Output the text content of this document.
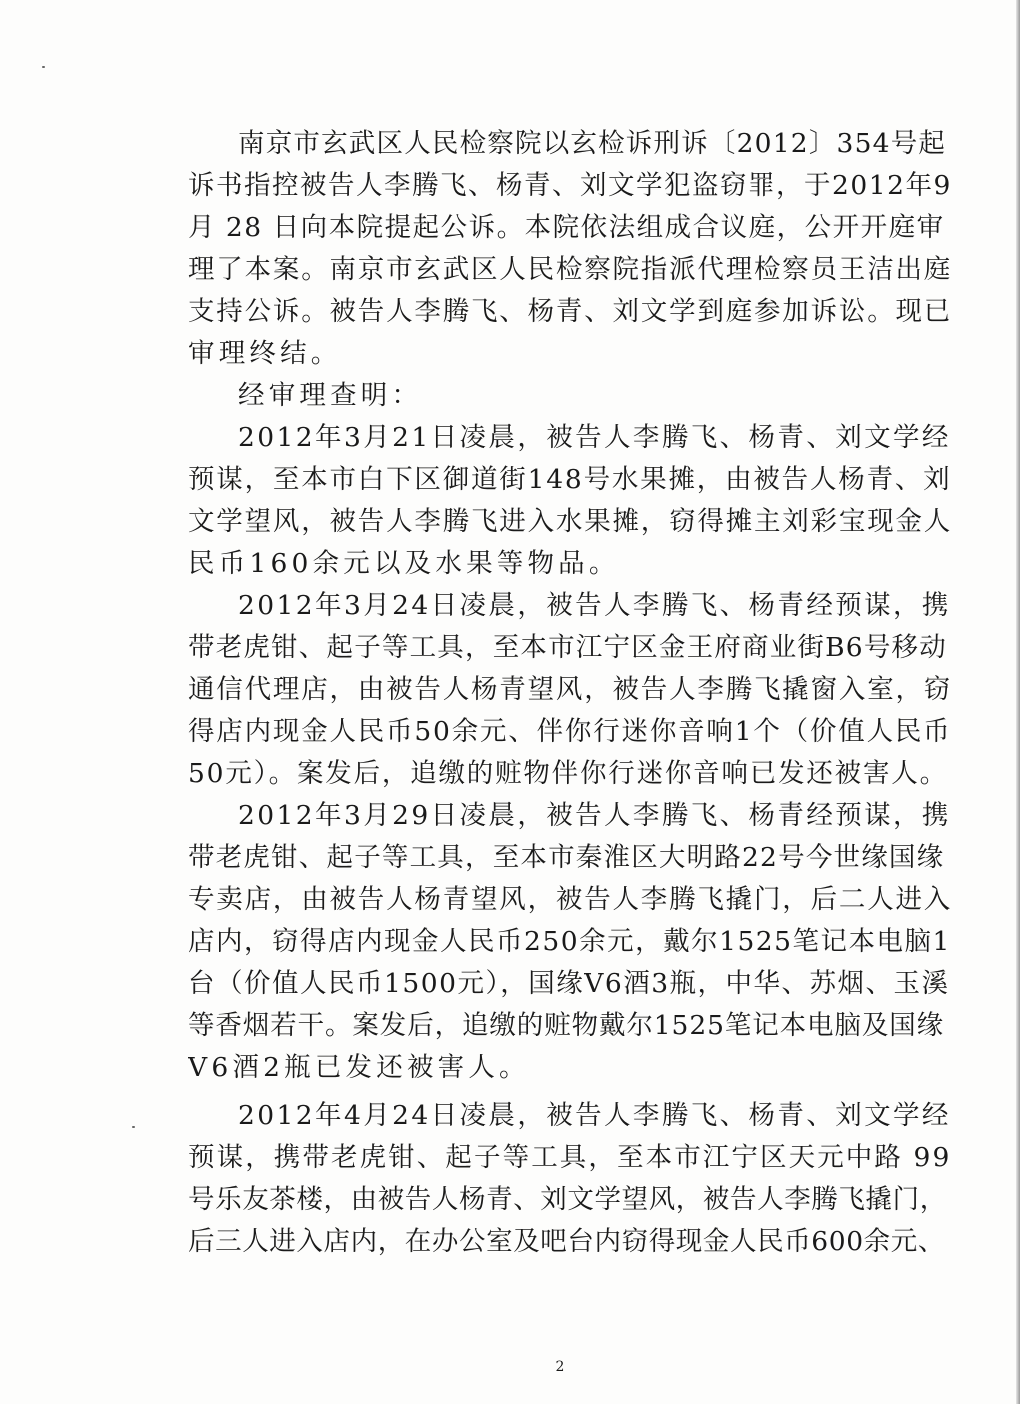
南京市玄武区人民检察院以玄检诉刑诉〔2012〕354号起
诉书指控被告人李腾飞、杨青、刘文学犯盗窃罪，于2012年9
月 28 日向本院提起公诉。本院依法组成合议庭，公开开庭审
理了本案。南京市玄武区人民检察院指派代理检察员王洁出庭
支持公诉。被告人李腾飞、杨青、刘文学到庭参加诉讼。现已
审理终结。
经审理查明：
2012年3月21日凌晨，被告人李腾飞、杨青、刘文学经
预谋，至本市白下区御道街148号水果摊，由被告人杨青、刘
文学望风，被告人李腾飞进入水果摊，窃得摊主刘彩宝现金人
民币160余元以及水果等物品。
2012年3月24日凌晨，被告人李腾飞、杨青经预谋，携
带老虎钳、起子等工具，至本市江宁区金王府商业街B6号移动
通信代理店，由被告人杨青望风，被告人李腾飞撬窗入室，窃
得店内现金人民币50余元、伴你行迷你音响1个（价值人民币
50元）。案发后，追缴的赃物伴你行迷你音响已发还被害人。
2012年3月29日凌晨，被告人李腾飞、杨青经预谋，携
带老虎钳、起子等工具，至本市秦淮区大明路22号今世缘国缘
专卖店，由被告人杨青望风，被告人李腾飞撬门，后二人进入
店内，窃得店内现金人民币250余元，戴尔1525笔记本电脑1
台（价值人民币1500元），国缘V6酒3瓶，中华、苏烟、玉溪
等香烟若干。案发后，追缴的赃物戴尔1525笔记本电脑及国缘
V6酒2瓶已发还被害人。
2012年4月24日凌晨，被告人李腾飞、杨青、刘文学经
预谋，携带老虎钳、起子等工具，至本市江宁区天元中路 99
号乐友茶楼，由被告人杨青、刘文学望风，被告人李腾飞撬门，
后三人进入店内，在办公室及吧台内窃得现金人民币600余元、
2
